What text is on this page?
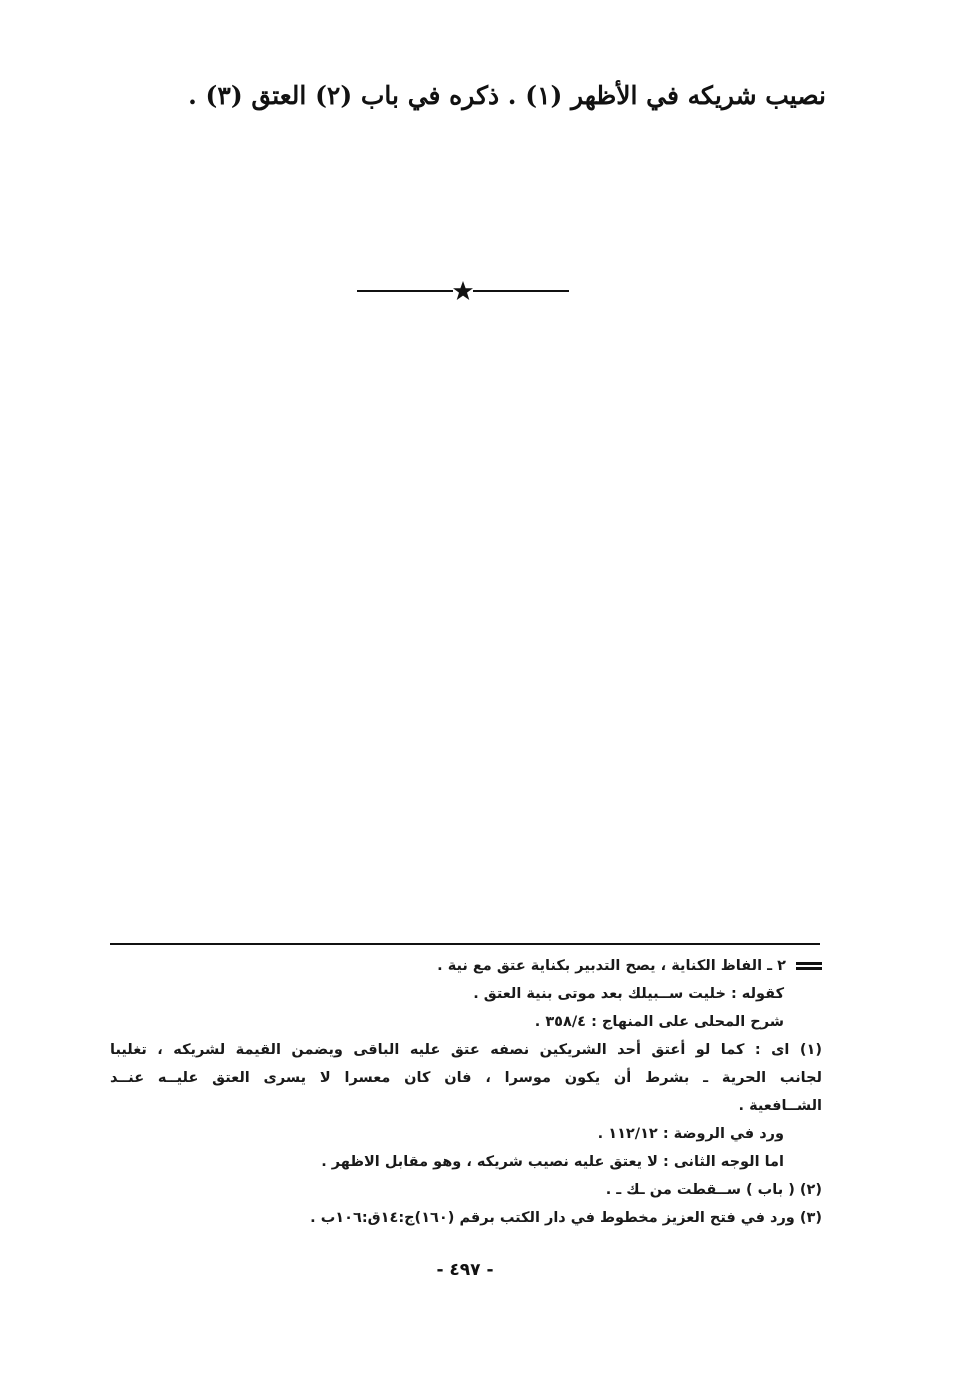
نصيب شريكه في الأظهر (١) . ذكره في باب (٢) العتق (٣) .
٢ ـ الفاظ الكناية ، يصح التدبير بكناية عتق مع نية .
كقوله : خليت ســبيلك بعد موتى بنية العتق .
شرح المحلى على المنهاج : ٣٥٨/٤ .
(١) اى : كما لو أعتق أحد الشريكين نصفه عتق عليه الباقى ويضمن القيمة لشريكه ، تغليبا
لجانب الحرية ـ بشرط أن يكون موسرا ، فان كان معسرا لا يسرى العتق عليــه عنــد
الشــافعية .
ورد في الروضة : ١١٢/١٢ .
اما الوجه الثانى : لا يعتق عليه نصيب شريكه ، وهو مقابل الاظهر .
(٢) ( باب ) ســقطت من ـك ـ .
(٣) ورد في فتح العزيز مخطوط في دار الكتب برقم (١٦٠)ج:١٤ق:١٠٦ب .
- ٤٩٧ -
